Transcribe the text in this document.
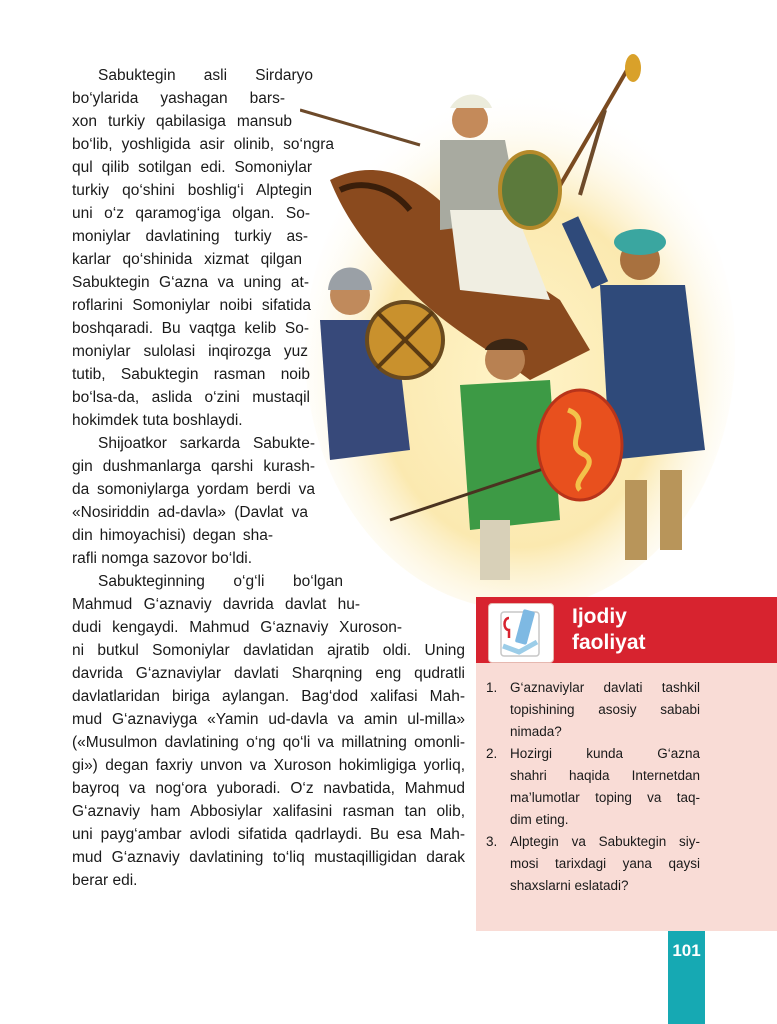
Sabuktegin asli Sirdaryo
bo‘ylarida yashagan bars-
xon turkiy qabilasiga mansub
bo‘lib, yoshligida asir olinib, so‘ngra
qul qilib sotilgan edi. Somoniylar
turkiy qo‘shini boshlig‘i Alptegin
uni o‘z qaramog‘iga olgan. So-
moniylar davlatining turkiy as-
karlar qo‘shinida xizmat qilgan
Sabuktegin G‘azna va uning at-
roflarini Somoniylar noibi sifatida
boshqaradi. Bu vaqtga kelib So-
moniylar sulolasi inqirozga yuz
tutib, Sabuktegin rasman noib
bo‘lsa-da, aslida o‘zini mustaqil
hokimdek tuta boshlaydi.
Shijoatkor sarkarda Sabukte-
gin dushmanlarga qarshi kurash-
da somoniylarga yordam berdi va
«Nosiriddin ad-davla» (Davlat va
din himoyachisi) degan sha-
rafli nomga sazovor bo‘ldi.
Sabukteginning o‘g‘li bo‘lgan
Mahmud G‘aznaviy davrida davlat hu-
dudi kengaydi. Mahmud G‘aznaviy Xuroson-
ni butkul Somoniylar davlatidan ajratib oldi. Uning
davrida G‘aznaviylar davlati Sharqning eng qudratli
davlatlaridan biriga aylangan. Bag‘dod xalifasi Mah-
mud G‘aznaviyga «Yamin ud-davla va amin ul-milla»
(«Musulmon davlatining o‘ng qo‘li va millatning omonli-
gi») degan faxriy unvon va Xuroson hokimligiga yorliq,
bayroq va nog‘ora yuboradi. O‘z navbatida, Mahmud
G‘aznaviy ham Abbosiylar xalifasini rasman tan olib,
uni payg‘ambar avlodi sifatida qadrlaydi. Bu esa Mah-
mud G‘aznaviy davlatining to‘liq mustaqilligidan darak
berar edi.
Ijodiy
faoliyat
1. G‘aznaviylar davlati tashkil
topishining asosiy sababi
nimada?
2. Hozirgi kunda G‘azna
shahri haqida Internetdan
ma’lumotlar toping va taq-
dim eting.
3. Alptegin va Sabuktegin siy-
mosi tarixdagi yana qaysi
shaxslarni eslatadi?
101
